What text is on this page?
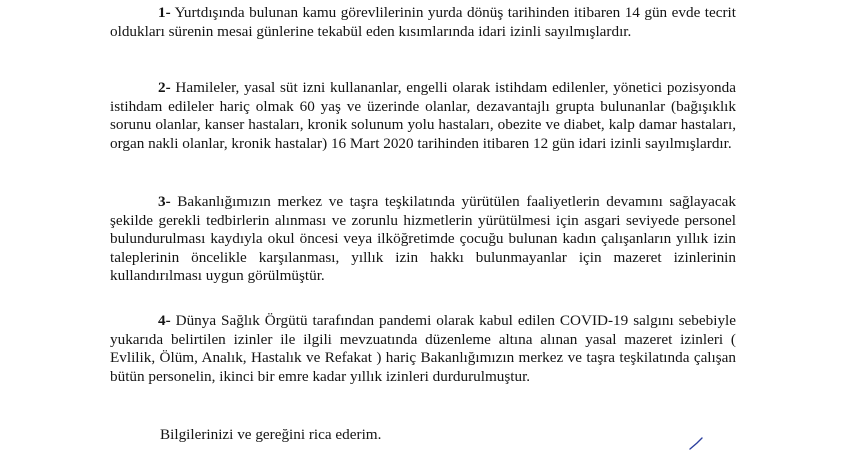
1- Yurtdışında bulunan kamu görevlilerinin yurda dönüş tarihinden itibaren 14 gün evde tecrit oldukları sürenin mesai günlerine tekabül eden kısımlarında idari izinli sayılmışlardır.

2- Hamileler, yasal süt izni kullananlar, engelli olarak istihdam edilenler, yönetici pozisyonda istihdam edileler hariç olmak 60 yaş ve üzerinde olanlar, dezavantajlı grupta bulunanlar (bağışıklık sorunu olanlar, kanser hastaları, kronik solunum yolu hastaları, obezite ve diabet, kalp damar hastaları, organ nakli olanlar, kronik hastalar) 16 Mart 2020 tarihinden itibaren 12 gün idari izinli sayılmışlardır.

3- Bakanlığımızın merkez ve taşra teşkilatında yürütülen faaliyetlerin devamını sağlayacak şekilde gerekli tedbirlerin alınması ve zorunlu hizmetlerin yürütülmesi için asgari seviyede personel bulundurulması kaydıyla okul öncesi veya ilköğretimde çocuğu bulunan kadın çalışanların yıllık izin taleplerinin öncelikle karşılanması, yıllık izin hakkı bulunmayanlar için mazeret izinlerinin kullandırılması uygun görülmüştür.

4- Dünya Sağlık Örgütü tarafından pandemi olarak kabul edilen COVID-19 salgını sebebiyle yukarıda belirtilen izinler ile ilgili mevzuatında düzenleme altına alınan yasal mazeret izinleri ( Evlilik, Ölüm, Analık, Hastalık ve Refakat ) hariç Bakanlığımızın merkez ve taşra teşkilatında çalışan bütün personelin, ikinci bir emre kadar yıllık izinleri durdurulmuştur.

Bilgilerinizi ve gereğini rica ederim.
